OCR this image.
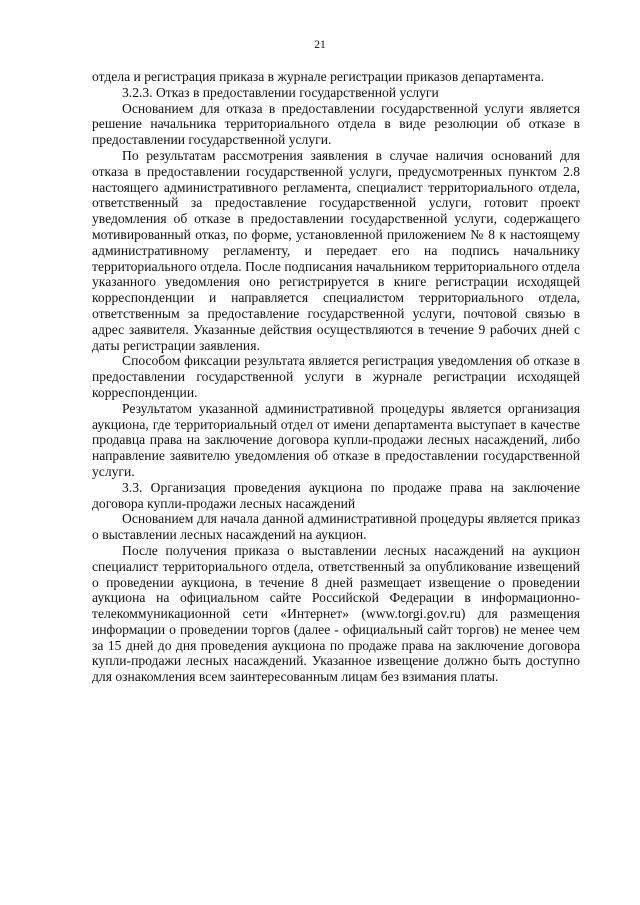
21

отдела и регистрация приказа в журнале регистрации приказов департамента.

3.2.3. Отказ в предоставлении государственной услуги

Основанием для отказа в предоставлении государственной услуги является решение начальника территориального отдела в виде резолюции об отказе в предоставлении государственной услуги.

По результатам рассмотрения заявления в случае наличия оснований для отказа в предоставлении государственной услуги, предусмотренных пунктом 2.8 настоящего административного регламента, специалист территориального отдела, ответственный за предоставление государственной услуги, готовит проект уведомления об отказе в предоставлении государственной услуги, содержащего мотивированный отказ, по форме, установленной приложением № 8 к настоящему административному регламенту, и передает его на подпись начальнику территориального отдела. После подписания начальником территориального отдела указанного уведомления оно регистрируется в книге регистрации исходящей корреспонденции и направляется специалистом территориального отдела, ответственным за предоставление государственной услуги, почтовой связью в адрес заявителя. Указанные действия осуществляются в течение 9 рабочих дней с даты регистрации заявления.

Способом фиксации результата является регистрация уведомления об отказе в предоставлении государственной услуги в журнале регистрации исходящей корреспонденции.

Результатом указанной административной процедуры является организация аукциона, где территориальный отдел от имени департамента выступает в качестве продавца права на заключение договора купли-продажи лесных насаждений, либо направление заявителю уведомления об отказе в предоставлении государственной услуги.

3.3. Организация проведения аукциона по продаже права на заключение договора купли-продажи лесных насаждений

Основанием для начала данной административной процедуры является приказ о выставлении лесных насаждений на аукцион.

После получения приказа о выставлении лесных насаждений на аукцион специалист территориального отдела, ответственный за опубликование извещений о проведении аукциона, в течение 8 дней размещает извещение о проведении аукциона на официальном сайте Российской Федерации в информационно-телекоммуникационной сети «Интернет» (www.torgi.gov.ru) для размещения информации о проведении торгов (далее - официальный сайт торгов) не менее чем за 15 дней до дня проведения аукциона по продаже права на заключение договора купли-продажи лесных насаждений. Указанное извещение должно быть доступно для ознакомления всем заинтересованным лицам без взимания платы.
